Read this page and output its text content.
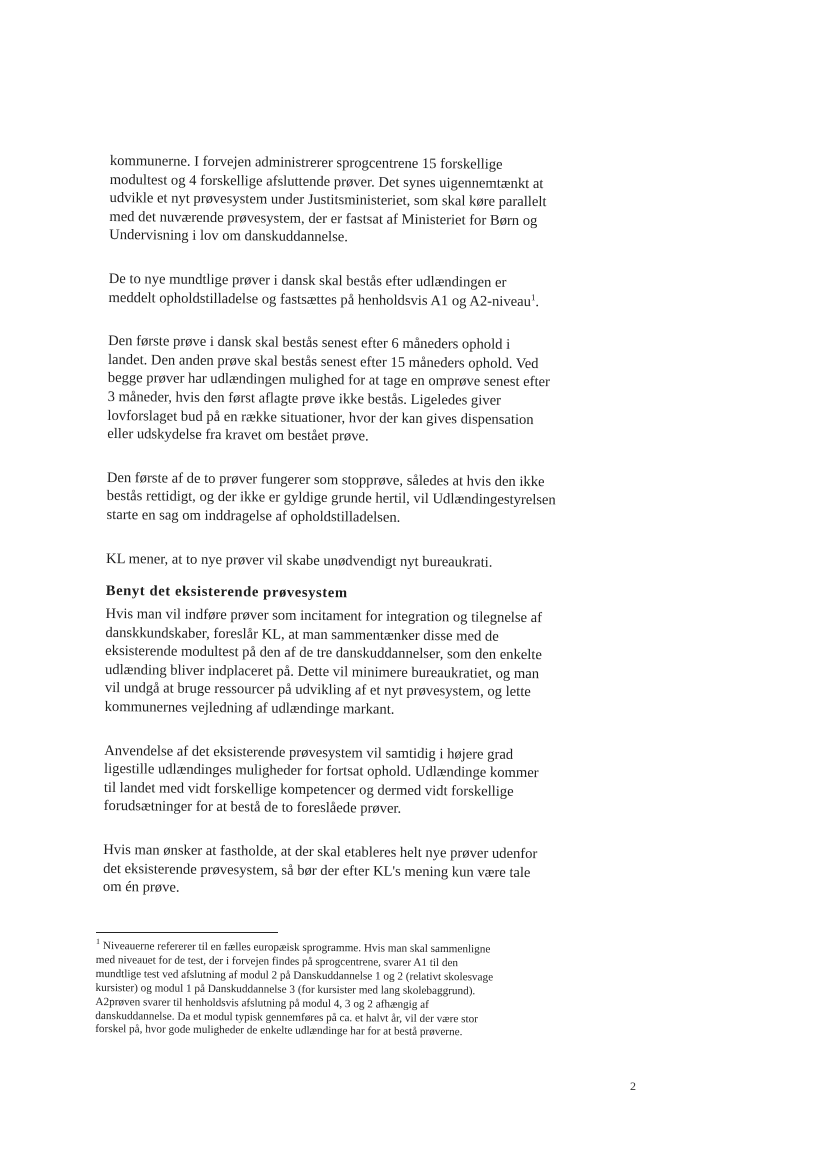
kommunerne. I forvejen administrerer sprogcentrene 15 forskellige
modultest og 4 forskellige afsluttende prøver. Det synes uigennemtænkt at
udvikle et nyt prøvesystem under Justitsministeriet, som skal køre parallelt
med det nuværende prøvesystem, der er fastsat af Ministeriet for Børn og
Undervisning i lov om danskuddannelse.

De to nye mundtlige prøver i dansk skal bestås efter udlændingen er
meddelt opholdstilladelse og fastsættes på henholdsvis A1 og A2-niveau$^1$.

Den første prøve i dansk skal bestås senest efter 6 måneders ophold i
landet. Den anden prøve skal bestås senest efter 15 måneders ophold. Ved
begge prøver har udlændingen mulighed for at tage en omprøve senest efter
3 måneder, hvis den først aflagte prøve ikke bestås. Ligeledes giver
lovforslaget bud på en række situationer, hvor der kan gives dispensation
eller udskydelse fra kravet om bestået prøve.

Den første af de to prøver fungerer som stopprøve, således at hvis den ikke
bestås rettidigt, og der ikke er gyldige grunde hertil, vil Udlændingestyrelsen
starte en sag om inddragelse af opholdstilladelsen.

KL mener, at to nye prøver vil skabe unødvendigt nyt bureaukrati.

Benyt det eksisterende prøvesystem

Hvis man vil indføre prøver som incitament for integration og tilegnelse af
danskkundskaber, foreslår KL, at man sammentænker disse med de
eksisterende modultest på den af de tre danskuddannelser, som den enkelte
udlænding bliver indplaceret på. Dette vil minimere bureaukratiet, og man
vil undgå at bruge ressourcer på udvikling af et nyt prøvesystem, og lette
kommunernes vejledning af udlændinge markant.

Anvendelse af det eksisterende prøvesystem vil samtidig i højere grad
ligestille udlændinges muligheder for fortsat ophold. Udlændinge kommer
til landet med vidt forskellige kompetencer og dermed vidt forskellige
forudsætninger for at bestå de to foreslåede prøver.

Hvis man ønsker at fastholde, at der skal etableres helt nye prøver udenfor
det eksisterende prøvesystem, så bør der efter KL's mening kun være tale
om én prøve.

$^1$ Niveauerne refererer til en fælles europæisk sprogramme. Hvis man skal sammenligne
med niveauet for de test, der i forvejen findes på sprogcentrene, svarer A1 til den
mundtlige test ved afslutning af modul 2 på Danskuddannelse 1 og 2 (relativt skolesvage
kursister) og modul 1 på Danskuddannelse 3 (for kursister med lang skolebaggrund).
A2prøven svarer til henholdsvis afslutning på modul 4, 3 og 2 afhængig af
danskuddannelse. Da et modul typisk gennemføres på ca. et halvt år, vil der være stor
forskel på, hvor gode muligheder de enkelte udlændinge har for at bestå prøverne.
2
